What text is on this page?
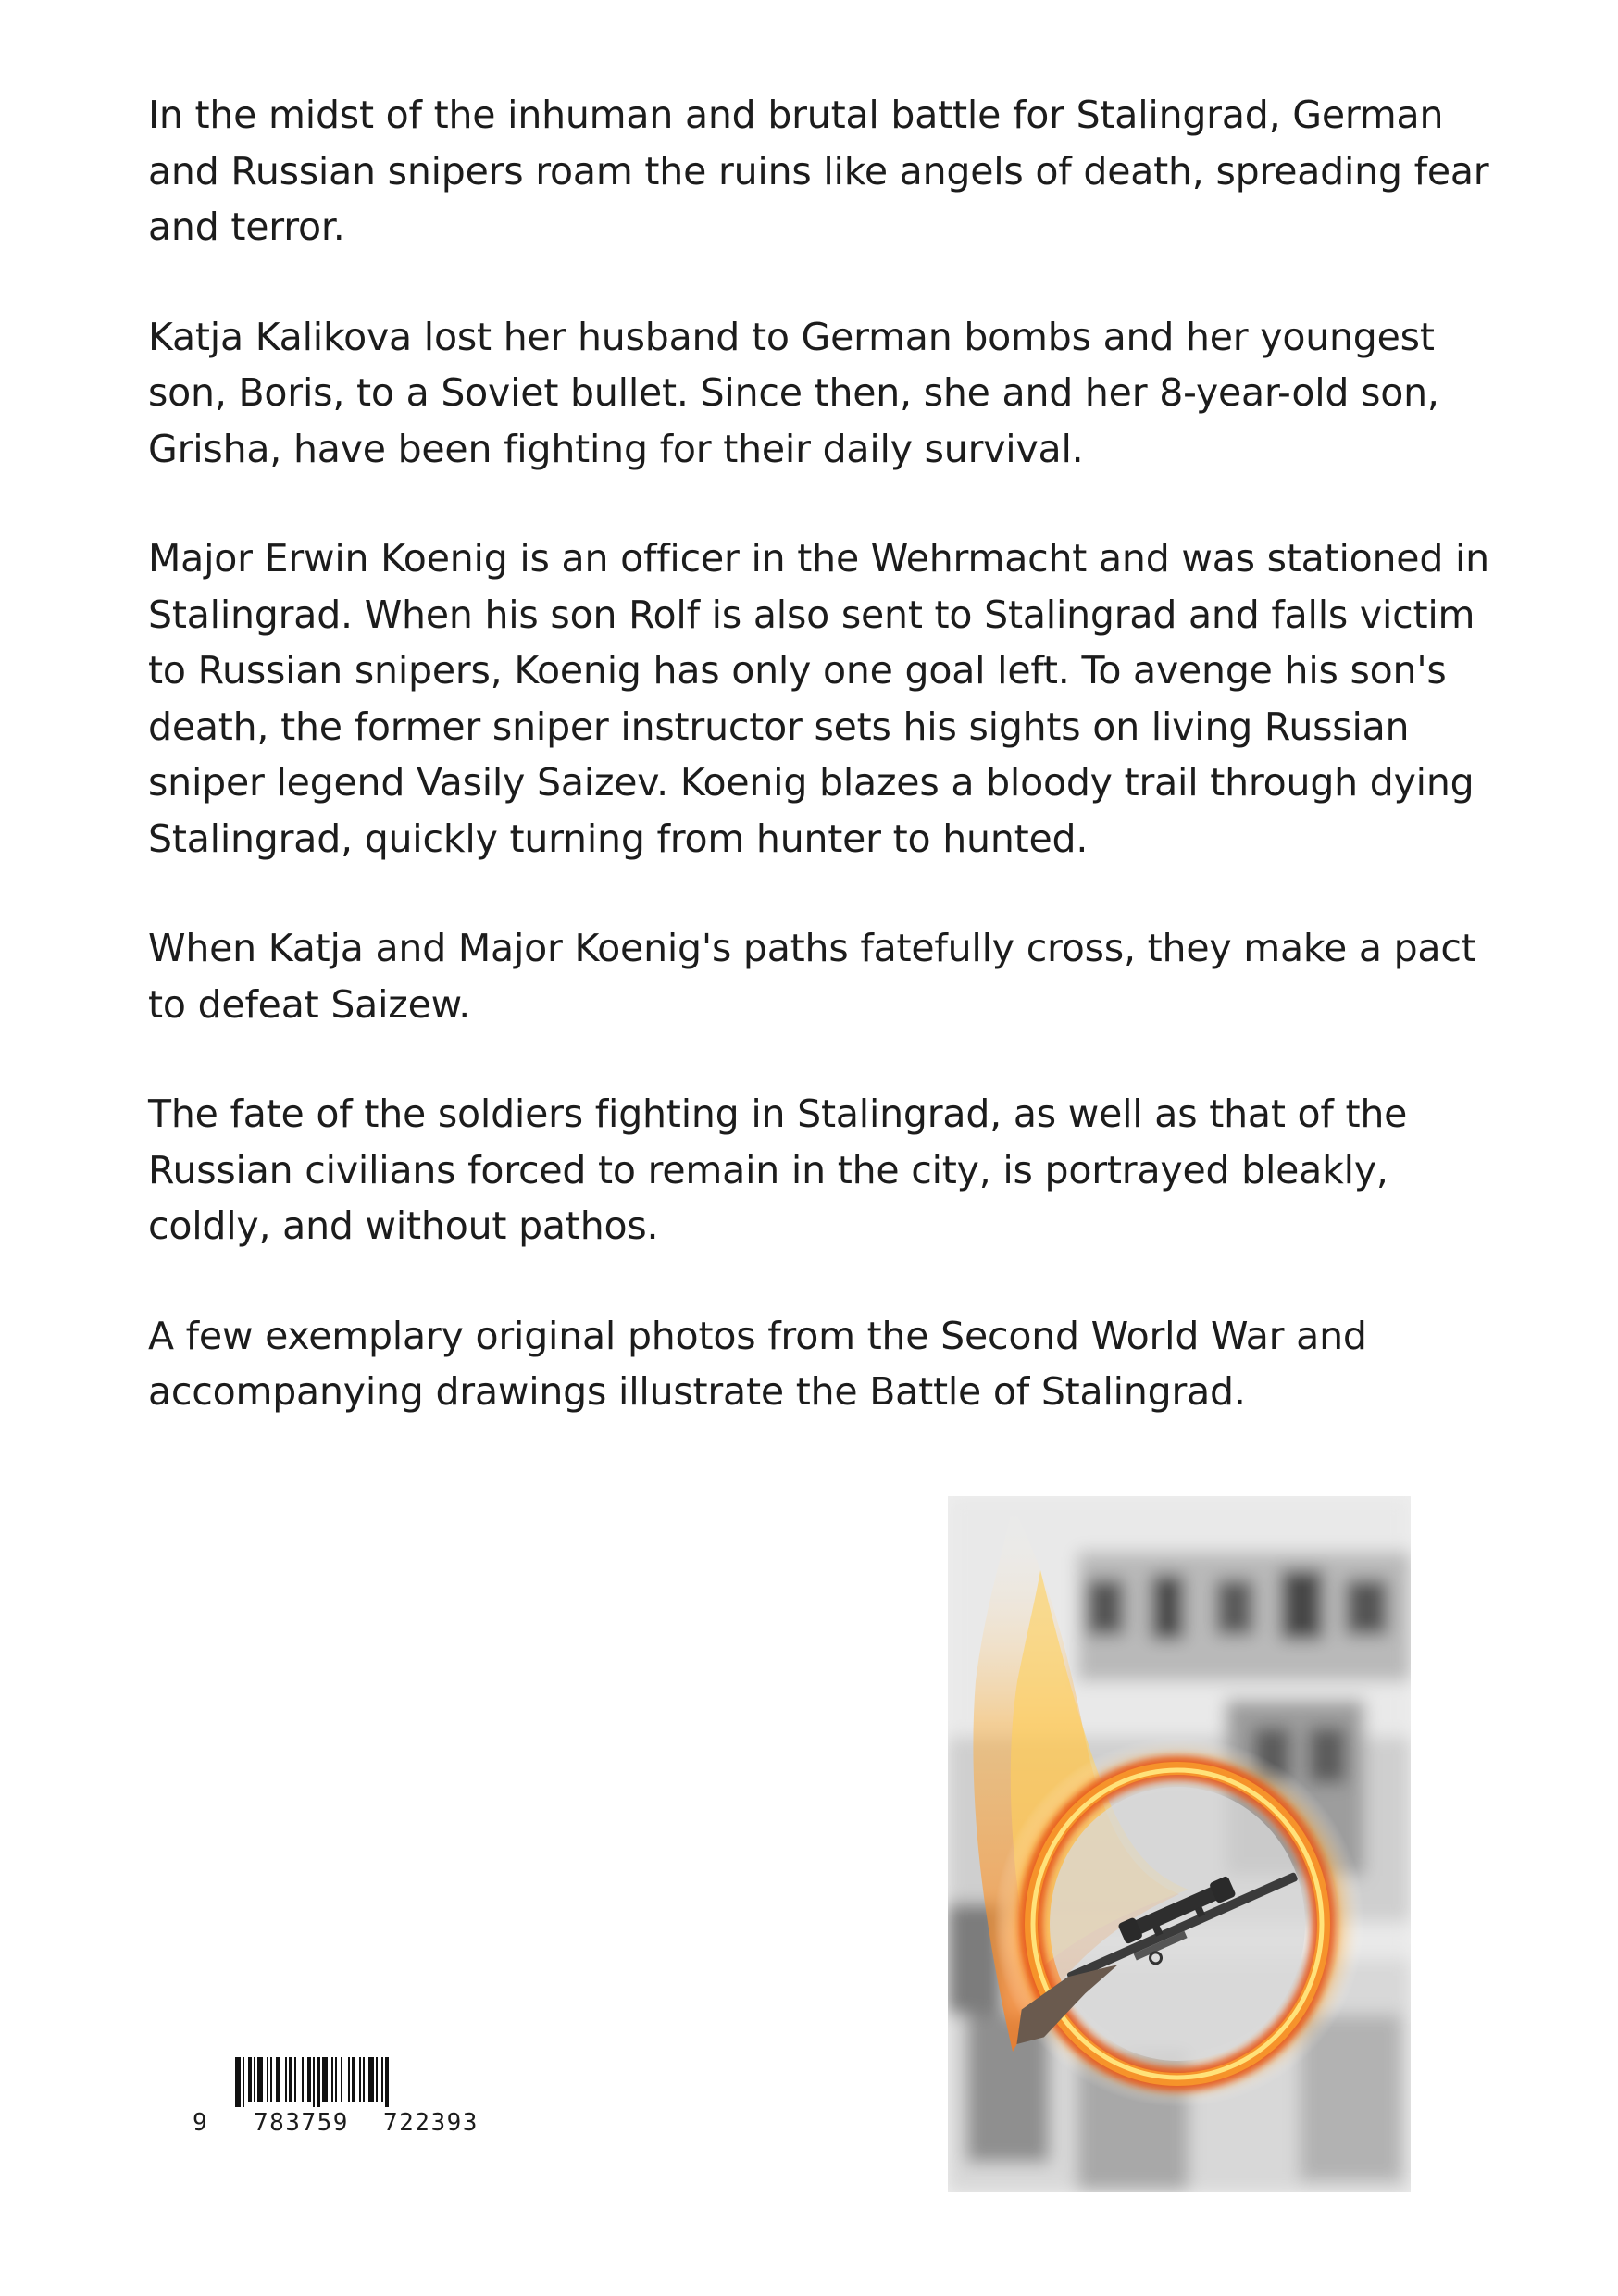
In the midst of the inhuman and brutal battle for Stalingrad, German and Russian snipers roam the ruins like angels of death, spreading fear and terror.

Katja Kalikova lost her husband to German bombs and her youngest son, Boris, to a Soviet bullet. Since then, she and her 8-year-old son, Grisha, have been fighting for their daily survival.

Major Erwin Koenig is an officer in the Wehrmacht and was stationed in Stalingrad. When his son Rolf is also sent to Stalingrad and falls victim to Russian snipers, Koenig has only one goal left. To avenge his son's death, the former sniper instructor sets his sights on living Russian sniper legend Vasily Saizev. Koenig blazes a bloody trail through dying Stalingrad, quickly turning from hunter to hunted.

When Katja and Major Koenig's paths fatefully cross, they make a pact to defeat Saizew.

The fate of the soldiers fighting in Stalingrad, as well as that of the Russian civilians forced to remain in the city, is portrayed bleakly, coldly, and without pathos.

A few exemplary original photos from the Second World War and accompanying drawings illustrate the Battle of Stalingrad.

9 783759 722393
